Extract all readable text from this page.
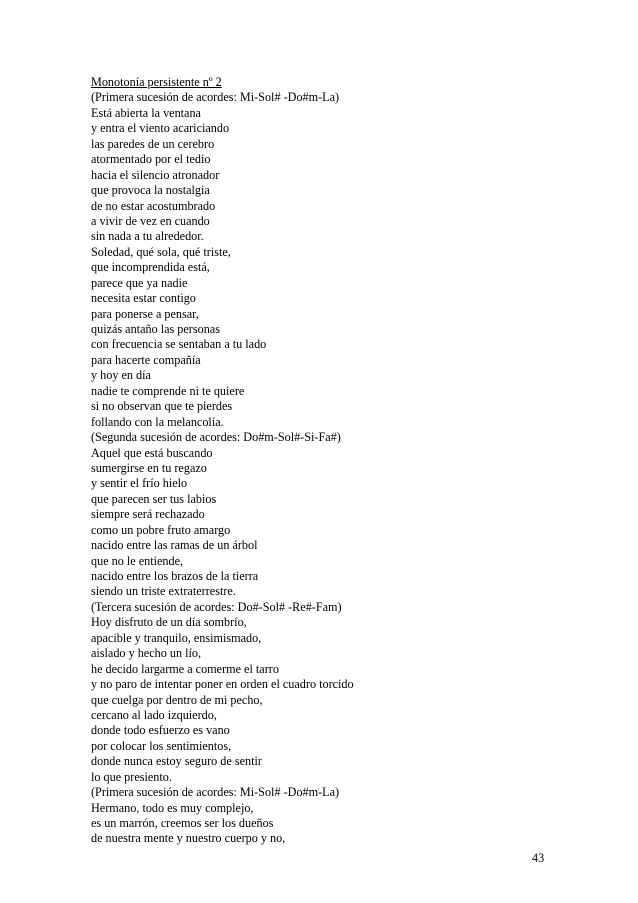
Monotonía persistente nº 2
(Primera sucesión de acordes: Mi-Sol# -Do#m-La)
Está abierta la ventana
y entra el viento acariciando
las paredes de un cerebro
atormentado por el tedio
hacia el silencio atronador
que provoca la nostalgia
de no estar acostumbrado
a vivir de vez en cuando
sin nada a tu alrededor.
Soledad, qué sola, qué triste,
que incomprendida está,
parece que ya nadie
necesita estar contigo
para ponerse a pensar,
quizás antaño las personas
con frecuencia se sentaban a tu lado
para hacerte compañía
y hoy en día
nadie te comprende ni te quiere
si no observan que te pierdes
follando con la melancolía.
(Segunda sucesión de acordes: Do#m-Sol#-Si-Fa#)
Aquel que está buscando
sumergirse en tu regazo
y sentir el frío hielo
que parecen ser tus labios
siempre será rechazado
como un pobre fruto amargo
nacido entre las ramas de un árbol
que no le entiende,
nacido entre los brazos de la tierra
siendo un triste extraterrestre.
(Tercera sucesión de acordes: Do#-Sol# -Re#-Fam)
Hoy disfruto de un día sombrío,
apacible y tranquilo, ensimismado,
aislado y hecho un lío,
he decido largarme a comerme el tarro
y no paro de intentar poner en orden el cuadro torcido
que cuelga por dentro de mi pecho,
cercano al lado izquierdo,
donde todo esfuerzo es vano
por colocar los sentimientos,
donde nunca estoy seguro de sentir
lo que presiento.
(Primera sucesión de acordes: Mi-Sol# -Do#m-La)
Hermano, todo es muy complejo,
es un marrón, creemos ser los dueños
de nuestra mente y nuestro cuerpo y no,
43
